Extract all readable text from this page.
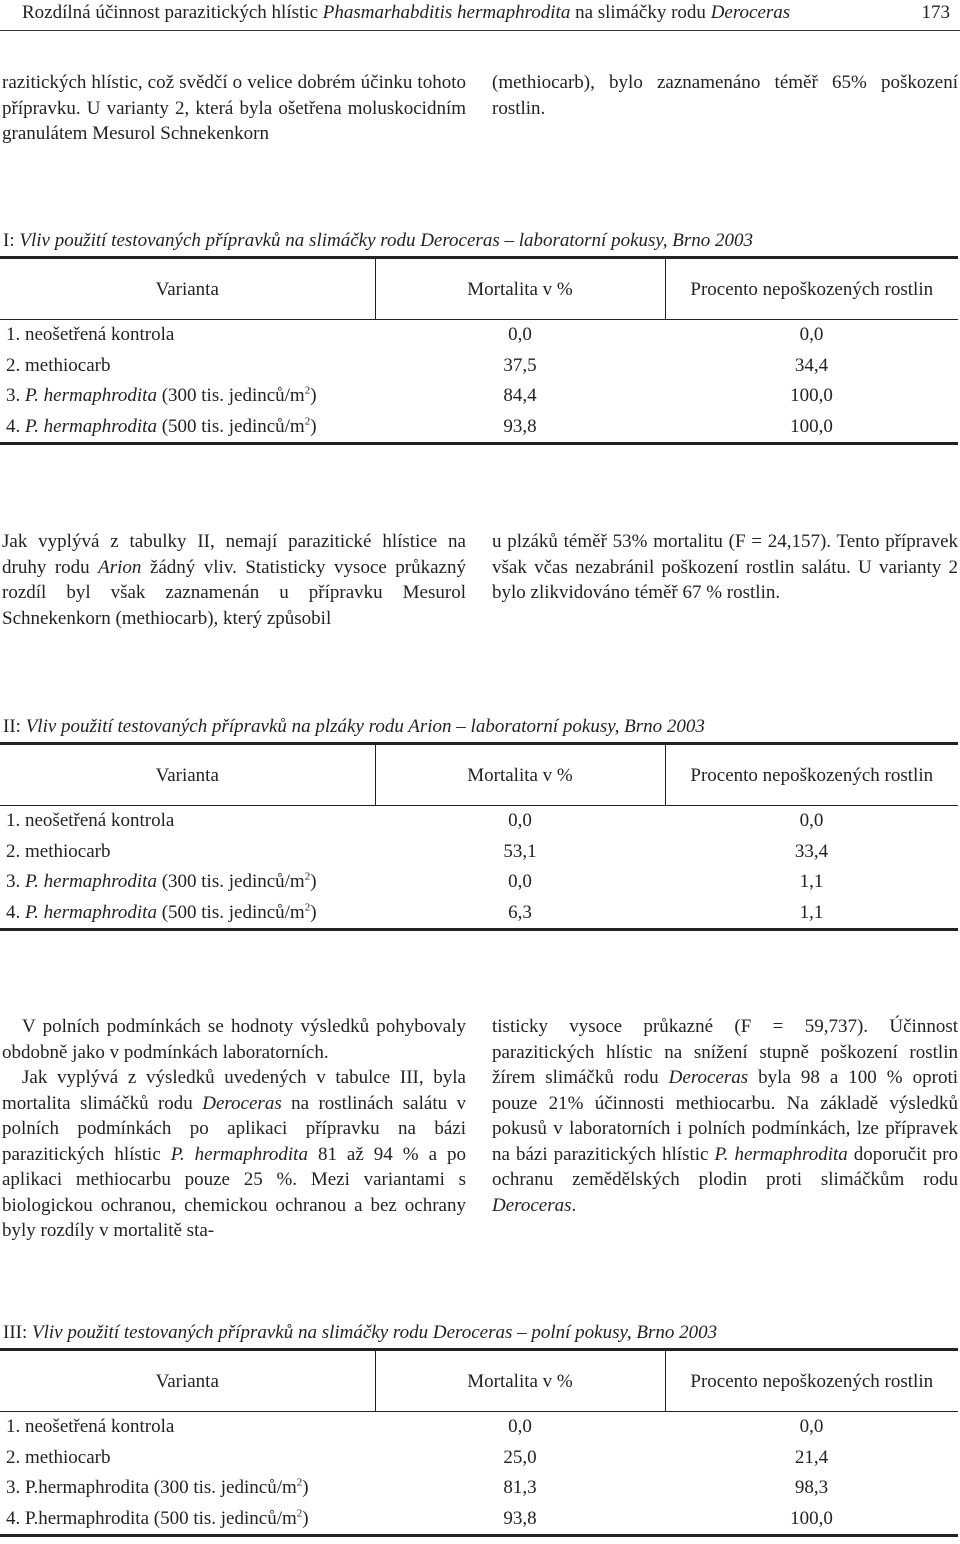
Rozdílná účinnost parazitických hlístic Phasmarhabditis hermaphrodita na slimáčky rodu Deroceras	173

razitických hlístic, což svědčí o velice dobrém účinku tohoto přípravku. U varianty 2, která byla ošetřena moluskocidním granulátem Mesurol Schnekenkorn

(methiocarb), bylo zaznamenáno téměř 65% poškození rostlin.

I: Vliv použití testovaných přípravků na slimáčky rodu Deroceras – laboratorní pokusy, Brno 2003
Varianta	Mortalita v %	Procento nepoškozených rostlin
1. neošetřená kontrola	0,0	0,0
2. methiocarb	37,5	34,4
3. P. hermaphrodita (300 tis. jedinců/$m^2$)	84,4	100,0
4. P. hermaphrodita (500 tis. jedinců/$m^2$)	93,8	100,0

Jak vyplývá z tabulky II, nemají parazitické hlístice na druhy rodu Arion žádný vliv. Statisticky vysoce průkazný rozdíl byl však zaznamenán u přípravku Mesurol Schnekenkorn (methiocarb), který způsobil

u plzáků téměř 53% mortalitu (F = 24,157). Tento přípravek však včas nezabránil poškození rostlin salátu. U varianty 2 bylo zlikvidováno téměř 67 % rostlin.

II: Vliv použití testovaných přípravků na plzáky rodu Arion – laboratorní pokusy, Brno 2003
Varianta	Mortalita v %	Procento nepoškozených rostlin
1. neošetřená kontrola	0,0	0,0
2. methiocarb	53,1	33,4
3. P. hermaphrodita (300 tis. jedinců/$m^2$)	0,0	1,1
4. P. hermaphrodita (500 tis. jedinců/$m^2$)	6,3	1,1

V polních podmínkách se hodnoty výsledků pohybovaly obdobně jako v podmínkách laboratorních.

Jak vyplývá z výsledků uvedených v tabulce III, byla mortalita slimáčků rodu Deroceras na rostlinách salátu v polních podmínkách po aplikaci přípravku na bázi parazitických hlístic P. hermaphrodita 81 až 94 % a po aplikaci methiocarbu pouze 25 %. Mezi variantami s biologickou ochranou, chemickou ochranou a bez ochrany byly rozdíly v mortalitě sta-

tisticky vysoce průkazné (F = 59,737). Účinnost parazitických hlístic na snížení stupně poškození rostlin žírem slimáčků rodu Deroceras byla 98 a 100 % oproti pouze 21% účinnosti methiocarbu. Na základě výsledků pokusů v laboratorních i polních podmínkách, lze přípravek na bázi parazitických hlístic P. hermaphrodita doporučit pro ochranu zemědělských plodin proti slimáčkům rodu Deroceras.

III: Vliv použití testovaných přípravků na slimáčky rodu Deroceras – polní pokusy, Brno 2003
Varianta	Mortalita v %	Procento nepoškozených rostlin
1. neošetřená kontrola	0,0	0,0
2. methiocarb	25,0	21,4
3. P.hermaphrodita (300 tis. jedinců/$m^2$)	81,3	98,3
4. P.hermaphrodita (500 tis. jedinců/$m^2$)	93,8	100,0
